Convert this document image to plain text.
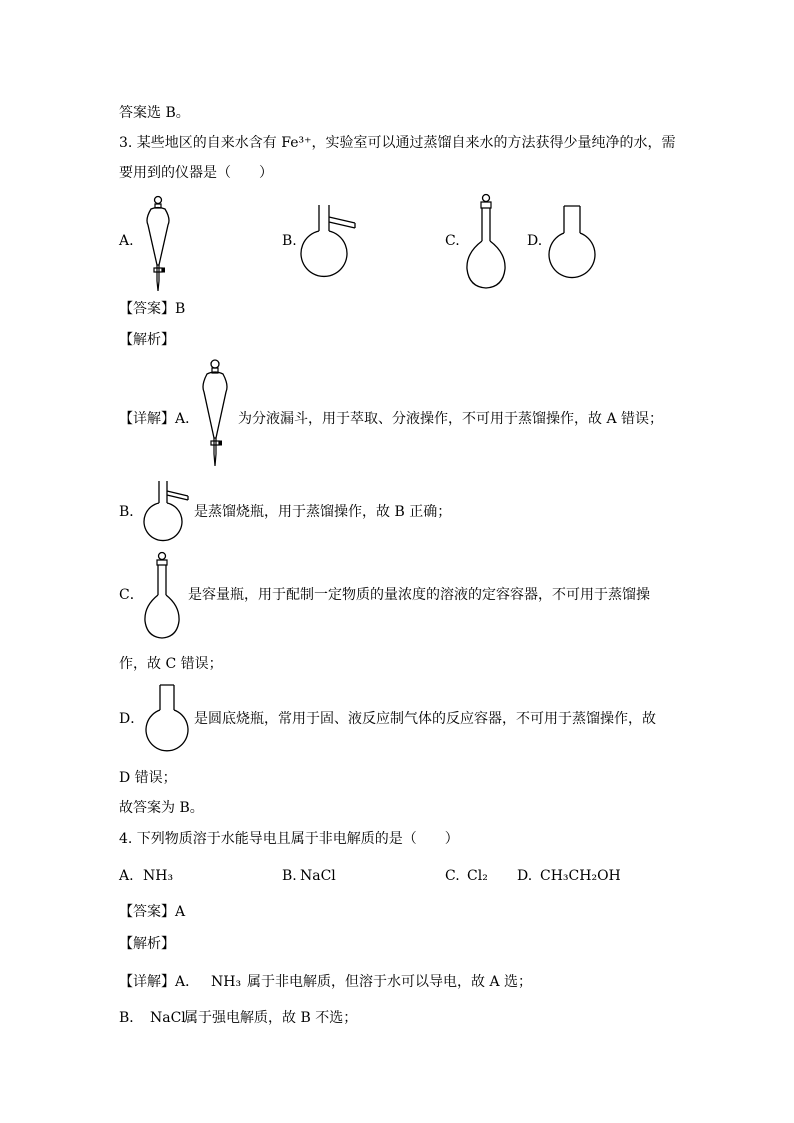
答案选 B。
3. 某些地区的自来水含有 Fe³⁺，实验室可以通过蒸馏自来水的方法获得少量纯净的水，需
要用到的仪器是（　　）
A.	B.	C.	D.
【答案】B
【解析】
【详解】A．	为分液漏斗，用于萃取、分液操作，不可用于蒸馏操作，故 A 错误；
B．	是蒸馏烧瓶，用于蒸馏操作，故 B 正确；
C．	是容量瓶，用于配制一定物质的量浓度的溶液的定容容器，不可用于蒸馏操
作，故 C 错误；
D．	是圆底烧瓶，常用于固、液反应制气体的反应容器，不可用于蒸馏操作，故
D 错误；
故答案为 B。
4. 下列物质溶于水能导电且属于非电解质的是（　　）
A. NH₃	B. NaCl	C. Cl₂ D. CH₃CH₂OH
【答案】A
【解析】
【详解】A． NH₃ 属于非电解质，但溶于水可以导电，故 A 选；
B． NaCl
属于强电解质，故 B 不选；
